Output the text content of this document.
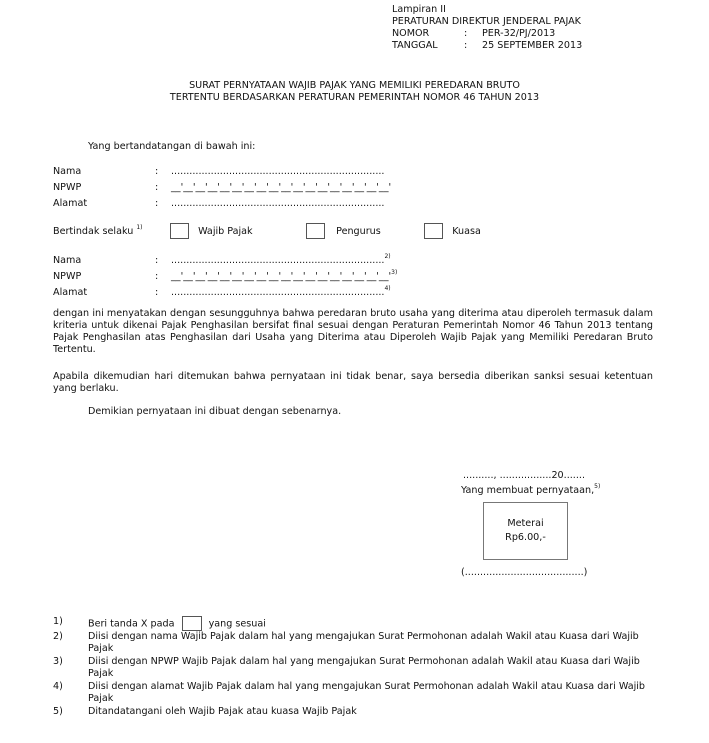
Lampiran II
PERATURAN DIREKTUR JENDERAL PAJAK
NOMOR	: PER-32/PJ/2013
TANGGAL	: 25 SEPTEMBER 2013
SURAT PERNYATAAN WAJIB PAJAK YANG MEMILIKI PEREDARAN BRUTO
TERTENTU BERDASARKAN PERATURAN PEMERINTAH NOMOR 46 TAHUN 2013
Yang bertandatangan di bawah ini:
Nama	: ......................................................................
NPWP	: __'__'__'__'__'__'__'__'__'__'__'__'__'__'__'__'__'__'
Alamat	: ......................................................................
Bertindak selaku $^{1)}$	Wajib Pajak	Pengurus	Kuasa
Nama	: ......................................................................$^{2)}$
NPWP	: $\_\_'\_\_'\_\_'\_\_'\_\_'\_\_'\_\_'\_\_'\_\_'\_\_'\_\_'\_\_'\_\_'\_\_'\_\_'\_\_'\_\_'\_\_'^{3)}$
Alamat	: ......................................................................$^{4)}$
dengan ini menyatakan dengan sesungguhnya bahwa peredaran bruto usaha yang diterima atau diperoleh termasuk dalam kriteria untuk dikenai Pajak Penghasilan bersifat final sesuai dengan Peraturan Pemerintah Nomor 46 Tahun 2013 tentang Pajak Penghasilan atas Penghasilan dari Usaha yang Diterima atau Diperoleh Wajib Pajak yang Memiliki Peredaran Bruto Tertentu.
Apabila dikemudian hari ditemukan bahwa pernyataan ini tidak benar, saya bersedia diberikan sanksi sesuai ketentuan yang berlaku.
Demikian pernyataan ini dibuat dengan sebenarnya.
.........., .................20.......
Yang membuat pernyataan,$^{5)}$
Meterai
Rp6.00,-
(.......................................)
1)	Beri tanda X pada	yang sesuai
2)	Diisi dengan nama Wajib Pajak dalam hal yang mengajukan Surat Permohonan adalah Wakil atau Kuasa dari Wajib Pajak
3)	Diisi dengan NPWP Wajib Pajak dalam hal yang mengajukan Surat Permohonan adalah Wakil atau Kuasa dari Wajib Pajak
4)	Diisi dengan alamat Wajib Pajak dalam hal yang mengajukan Surat Permohonan adalah Wakil atau Kuasa dari Wajib Pajak
5)	Ditandatangani oleh Wajib Pajak atau kuasa Wajib Pajak
